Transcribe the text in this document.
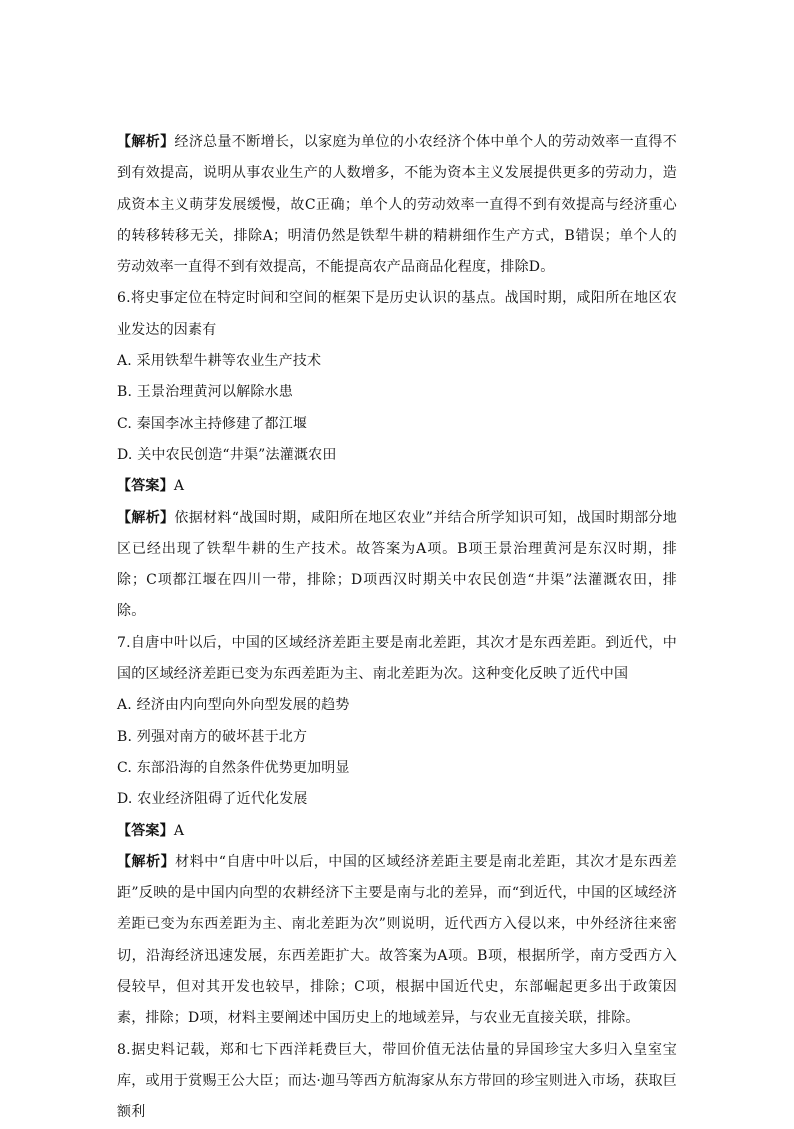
【解析】经济总量不断增长，以家庭为单位的小农经济个体中单个人的劳动效率一直得不到有效提高，说明从事农业生产的人数增多，不能为资本主义发展提供更多的劳动力，造成资本主义萌芽发展缓慢，故C正确；单个人的劳动效率一直得不到有效提高与经济重心的转移转移无关，排除A；明清仍然是铁犁牛耕的精耕细作生产方式，B错误；单个人的劳动效率一直得不到有效提高，不能提高农产品商品化程度，排除D。

6.将史事定位在特定时间和空间的框架下是历史认识的基点。战国时期，咸阳所在地区农业发达的因素有

A. 采用铁犁牛耕等农业生产技术

B. 王景治理黄河以解除水患

C. 秦国李冰主持修建了都江堰

D. 关中农民创造“井渠”法灌溉农田

【答案】A

【解析】依据材料“战国时期，咸阳所在地区农业”并结合所学知识可知，战国时期部分地区已经出现了铁犁牛耕的生产技术。故答案为A项。B项王景治理黄河是东汉时期，排除；C项都江堰在四川一带，排除；D项西汉时期关中农民创造“井渠”法灌溉农田，排除。

7.自唐中叶以后，中国的区域经济差距主要是南北差距，其次才是东西差距。到近代，中国的区域经济差距已变为东西差距为主、南北差距为次。这种变化反映了近代中国

A. 经济由内向型向外向型发展的趋势

B. 列强对南方的破坏甚于北方

C. 东部沿海的自然条件优势更加明显

D. 农业经济阻碍了近代化发展

【答案】A

【解析】材料中“自唐中叶以后，中国的区域经济差距主要是南北差距，其次才是东西差距”反映的是中国内向型的农耕经济下主要是南与北的差异，而“到近代，中国的区域经济差距已变为东西差距为主、南北差距为次”则说明，近代西方入侵以来，中外经济往来密切，沿海经济迅速发展，东西差距扩大。故答案为A项。B项，根据所学，南方受西方入侵较早，但对其开发也较早，排除；C项，根据中国近代史，东部崛起更多出于政策因素，排除；D项，材料主要阐述中国历史上的地域差异，与农业无直接关联，排除。

8.据史料记载，郑和七下西洋耗费巨大，带回价值无法估量的异国珍宝大多归入皇室宝库，或用于赏赐王公大臣；而达·迦马等西方航海家从东方带回的珍宝则进入市场，获取巨额利
